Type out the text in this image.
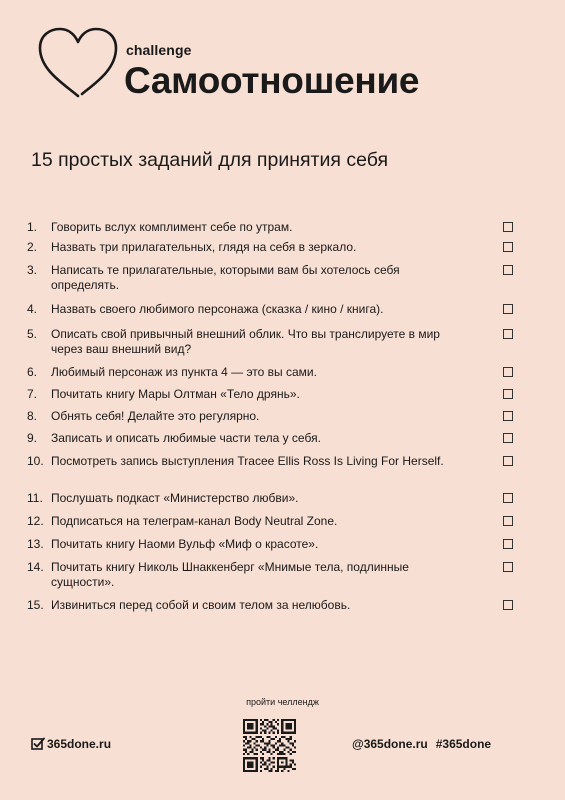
challenge
Самоотношение
15 простых заданий для принятия себя
1. Говорить вслух комплимент себе по утрам.
2. Назвать три прилагательных, глядя на себя в зеркало.
3. Написать те прилагательные, которыми вам бы хотелось себя определять.
4. Назвать своего любимого персонажа (сказка / кино / книга).
5. Описать свой привычный внешний облик. Что вы транслируете в мир через ваш внешний вид?
6. Любимый персонаж из пункта 4 — это вы сами.
7. Почитать книгу Мары Олтман «Тело дрянь».
8. Обнять себя! Делайте это регулярно.
9. Записать и описать любимые части тела у себя.
10. Посмотреть запись выступления Tracee Ellis Ross Is Living For Herself.
11. Послушать подкаст «Министерство любви».
12. Подписаться на телеграм-канал Body Neutral Zone.
13. Почитать книгу Наоми Вульф «Миф о красоте».
14. Почитать книгу Николь Шнаккенберг «Мнимые тела, подлинные сущности».
15. Извиниться перед собой и своим телом за нелюбовь.
пройти челлендж
365done.ru	@365done.ru #365done
